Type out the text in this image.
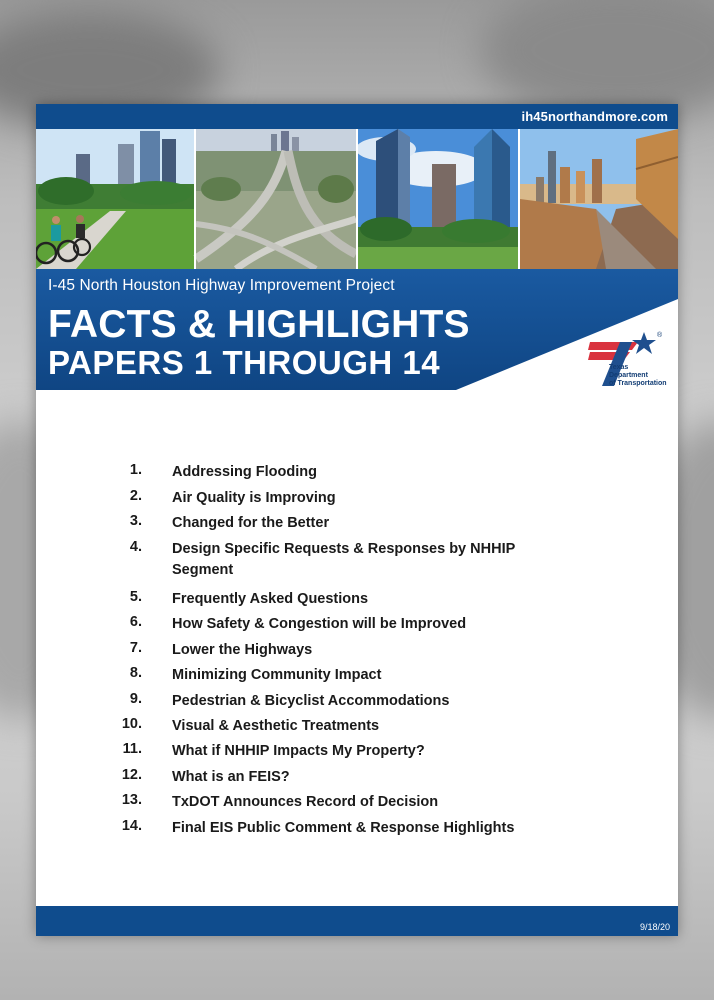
ih45northandmore.com
I-45 North Houston Highway Improvement Project
FACTS & HIGHLIGHTS
PAPERS 1 THROUGH 14	Texas
Department
of Transportation
®
1. Addressing Flooding
2. Air Quality is Improving
3. Changed for the Better
4. Design Specific Requests & Responses by NHHIP
Segment
5. Frequently Asked Questions
6. How Safety & Congestion will be Improved
7. Lower the Highways
8. Minimizing Community Impact
9. Pedestrian & Bicyclist Accommodations
10. Visual & Aesthetic Treatments
11. What if NHHIP Impacts My Property?
12. What is an FEIS?
13. TxDOT Announces Record of Decision
14. Final EIS Public Comment & Response Highlights
9/18/20
